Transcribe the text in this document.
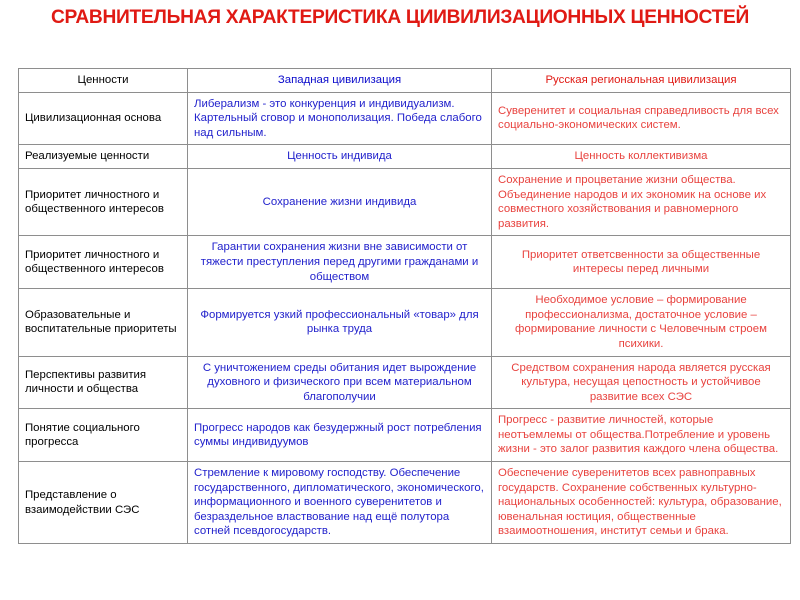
СРАВНИТЕЛЬНАЯ ХАРАКТЕРИСТИКА ЦИИВИЛИЗАЦИОННЫХ ЦЕННОСТЕЙ
Ценности	Западная цивилизация	Русская региональная цивилизация
Цивилизационная основа	Либерализм - это конкуренция и индивидуализм. Картельный сговор и монополизация. Победа слабого над сильным.	Суверенитет и социальная справедливость для всех социально-экономических систем.
Реализуемые ценности	Ценность индивида	Ценность коллективизма
Приоритет личностного и общественного интересов	Сохранение жизни индивида	Сохранение и процветание жизни общества. Объединение народов и их экономик на основе их совместного хозяйствования и равномерного развития.
Приоритет личностного и общественного интересов	Гарантии сохранения жизни вне зависимости от тяжести преступления перед другими гражданами и обществом	Приоритет ответсвенности за общественные интересы перед личными
Образовательные и воспитательные приоритеты	Формируется узкий профессиональный «товар» для рынка труда	Необходимое условие – формирование профессионализма, достаточное условие – формирование личности с Человечным строем психики.
Перспективы развития личности и общества	С уничтожением среды обитания идет вырождение духовного и физического при всем материальном благополучии	Средством сохранения народа является русская культура, несущая цепостность и устойчивое развитие всех СЭС
Понятие социального прогресса	Прогресс народов как безудержный рост потребления суммы индивидуумов	Прогресс - развитие личностей, которые неотъемлемы от общества.Потребление и уровень жизни - это залог развития каждого члена общества.
Представление о взаимодействии СЭС	Стремление к мировому господству. Обеспечение государственного, дипломатического, экономического, информационного и военного суверенитетов и безраздельное властвование над ещё полутора сотней псевдогосударств.	Обеспечение суверенитетов всех равноправных государств. Сохранение собственных культурно-национальных особенностей: культура, образование, ювенальная юстиция, общественные взаимоотношения, институт семьи и брака.
